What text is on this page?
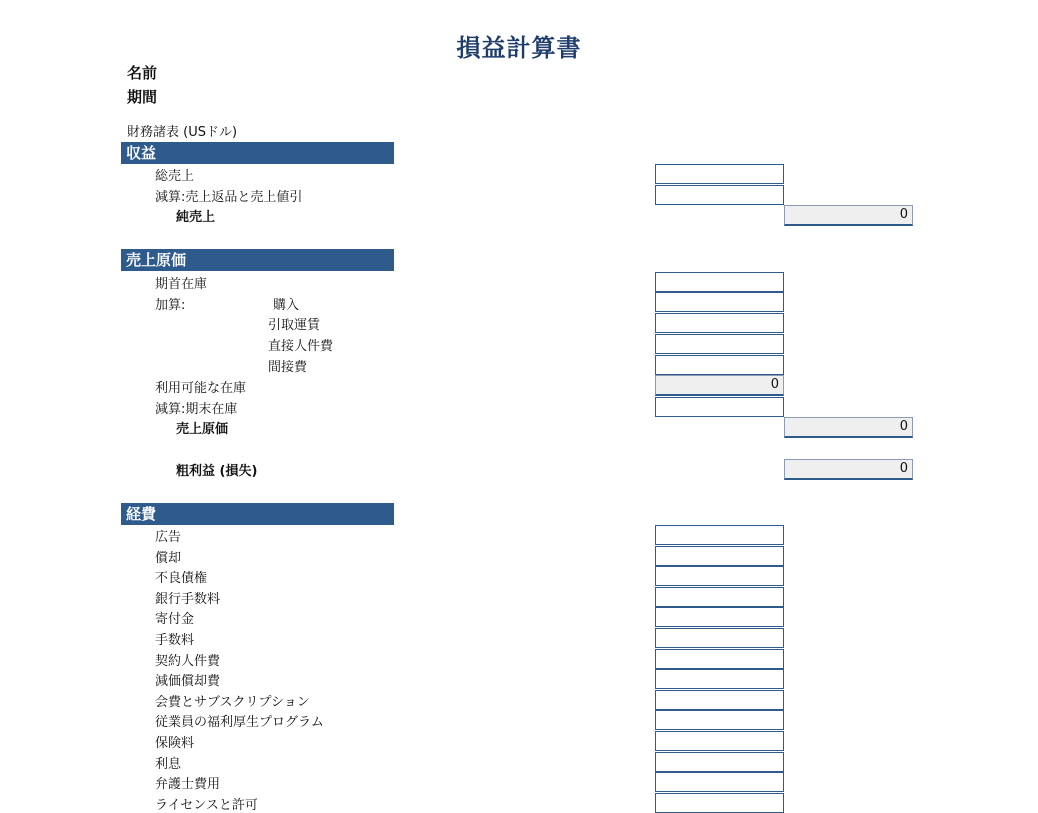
損益計算書
名前
期間
財務諸表 (USドル)
収益
総売上
減算:売上返品と売上値引
純売上	0
売上原価
期首在庫
加算:	購入
引取運賃
直接人件費
間接費
利用可能な在庫	0
減算:期末在庫
売上原価	0
粗利益 (損失)	0
経費
広告
償却
不良債権
銀行手数料
寄付金
手数料
契約人件費
減価償却費
会費とサブスクリプション
従業員の福利厚生プログラム
保険料
利息
弁護士費用
ライセンスと許可
